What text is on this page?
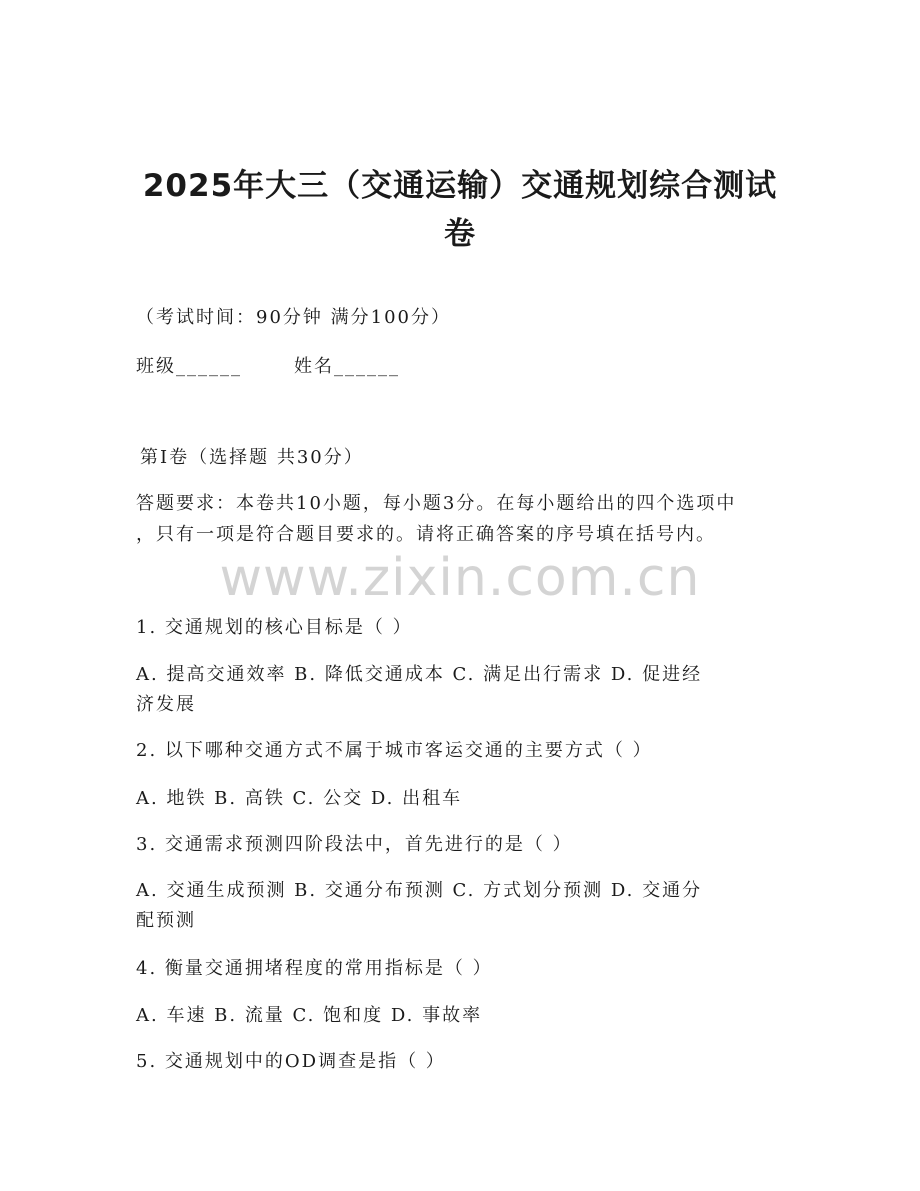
2025年大三（交通运输）交通规划综合测试
卷
（考试时间：90分钟 满分100分）
班级______	姓名______
第Ⅰ卷（选择题 共30分）
答题要求：本卷共10小题，每小题3分。在每小题给出的四个选项中
，只有一项是符合题目要求的。请将正确答案的序号填在括号内。
www.zixin.com.cn
1. 交通规划的核心目标是（ ）
A. 提高交通效率 B. 降低交通成本 C. 满足出行需求 D. 促进经
济发展
2. 以下哪种交通方式不属于城市客运交通的主要方式（ ）
A. 地铁 B. 高铁 C. 公交 D. 出租车
3. 交通需求预测四阶段法中，首先进行的是（ ）
A. 交通生成预测 B. 交通分布预测 C. 方式划分预测 D. 交通分
配预测
4. 衡量交通拥堵程度的常用指标是（ ）
A. 车速 B. 流量 C. 饱和度 D. 事故率
5. 交通规划中的OD调查是指（ ）
